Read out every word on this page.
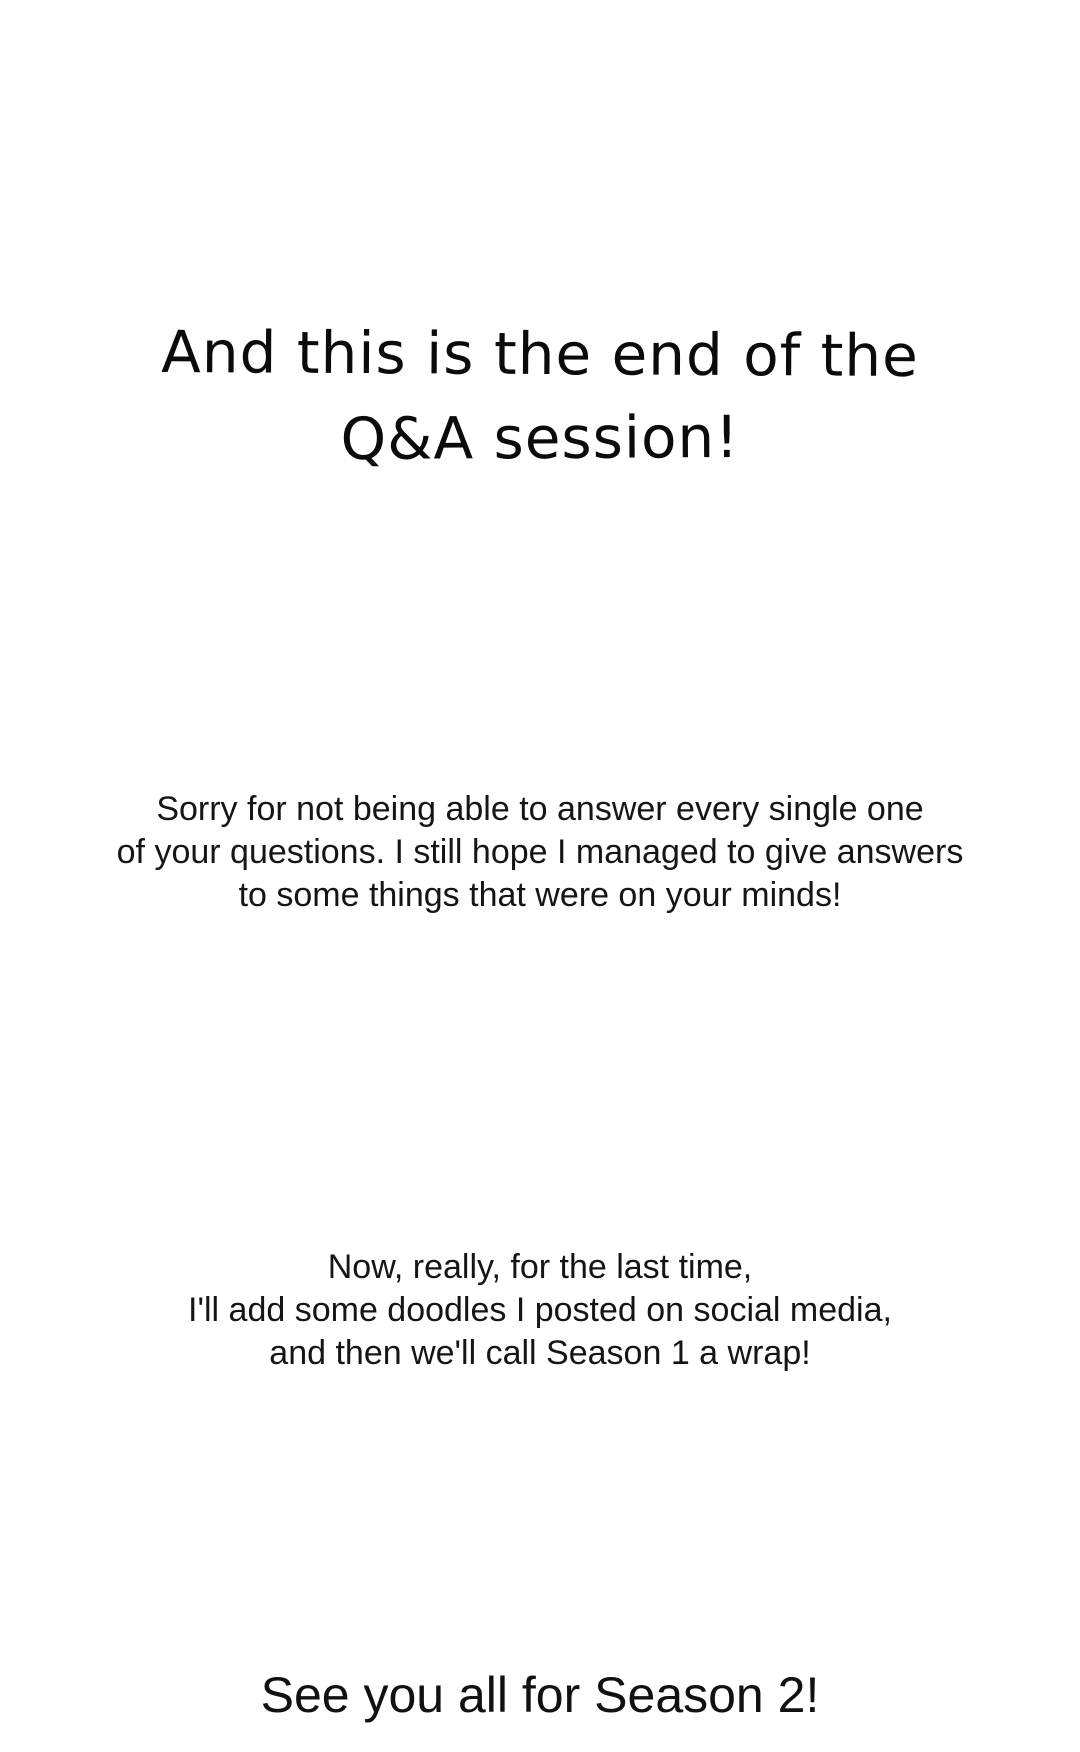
And this is the end of the
Q&A session!
Sorry for not being able to answer every single one
of your questions. I still hope I managed to give answers
to some things that were on your minds!
Now, really, for the last time,
I'll add some doodles I posted on social media,
and then we'll call Season 1 a wrap!
See you all for Season 2!
